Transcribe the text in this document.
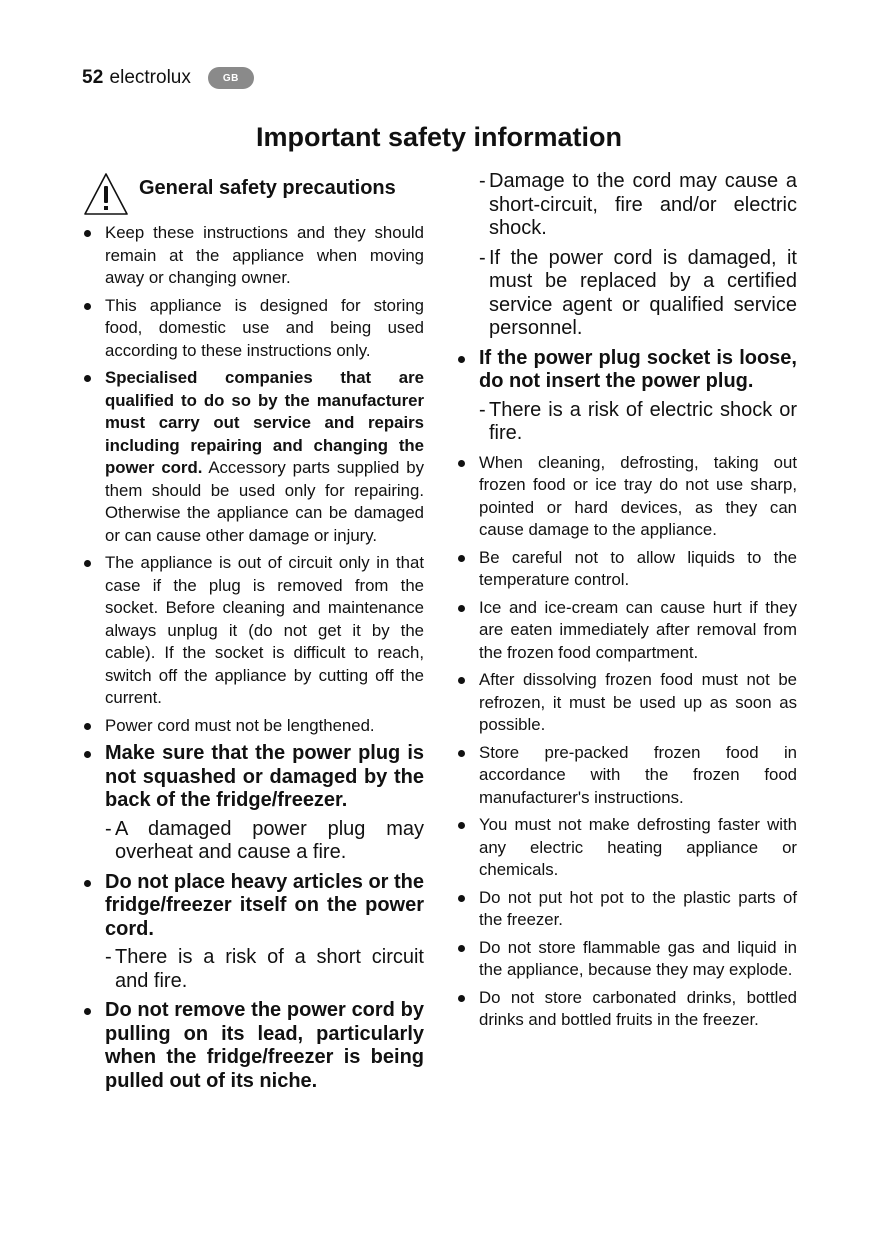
52 electrolux	GB
Important safety information
General safety precautions
Keep these instructions and they should remain at the appliance when moving away or changing owner.
This appliance is designed for storing food, domestic use and being used according to these instructions only.
Specialised companies that are qualified to do so by the manufacturer must carry out service and repairs including repairing and changing the power cord. Accessory parts supplied by them should be used only for repairing. Otherwise the appliance can be damaged or can cause other damage or injury.
The appliance is out of circuit only in that case if the plug is removed from the socket. Before cleaning and maintenance always unplug it (do not get it by the cable). If the socket is difficult to reach, switch off the appliance by cutting off the current.
Power cord must not be lengthened.
Make sure that the power plug is not squashed or damaged by the back of the fridge/freezer.
- A damaged power plug may overheat and cause a fire.
Do not place heavy articles or the fridge/freezer itself on the power cord.
- There is a risk of a short circuit and fire.
Do not remove the power cord by pulling on its lead, particularly when the fridge/freezer is being pulled out of its niche.
- Damage to the cord may cause a short-circuit, fire and/or electric shock.
- If the power cord is damaged, it must be replaced by a certified service agent or qualified service personnel.
If the power plug socket is loose, do not insert the power plug.
- There is a risk of electric shock or fire.
When cleaning, defrosting, taking out frozen food or ice tray do not use sharp, pointed or hard devices, as they can cause damage to the appliance.
Be careful not to allow liquids to the temperature control.
Ice and ice-cream can cause hurt if they are eaten immediately after removal from the frozen food compartment.
After dissolving frozen food must not be refrozen, it must be used up as soon as possible.
Store pre-packed frozen food in accordance with the frozen food manufacturer's instructions.
You must not make defrosting faster with any electric heating appliance or chemicals.
Do not put hot pot to the plastic parts of the freezer.
Do not store flammable gas and liquid in the appliance, because they may explode.
Do not store carbonated drinks, bottled drinks and bottled fruits in the freezer.
